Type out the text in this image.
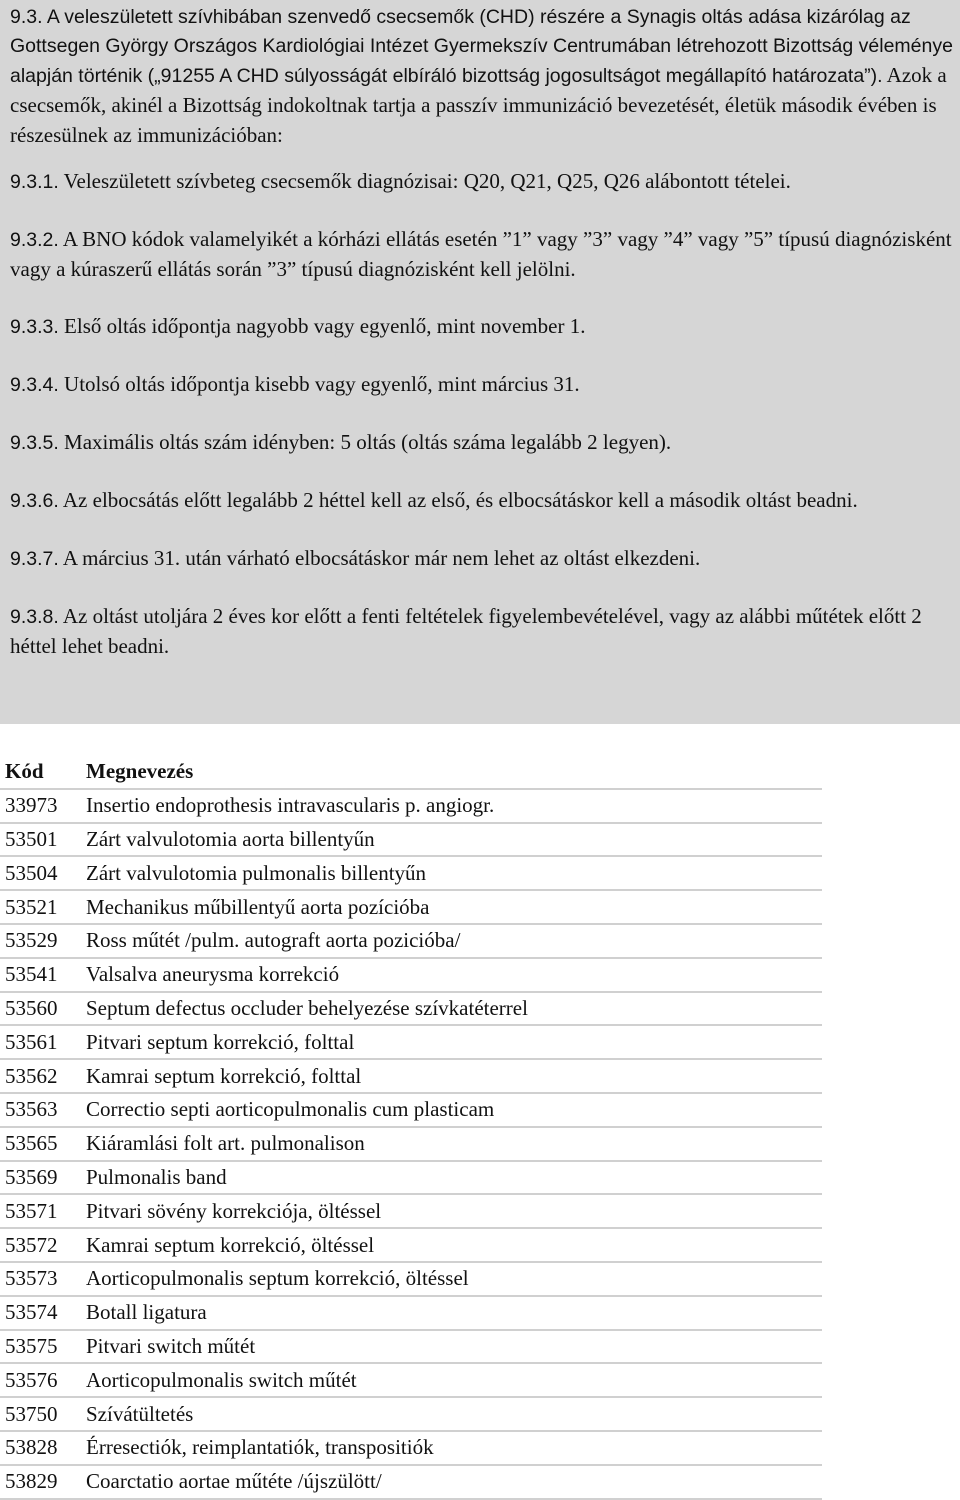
9.3. A veleszületett szívhibában szenvedő csecsemők (CHD) részére a Synagis oltás adása kizárólag az Gottsegen György Országos Kardiológiai Intézet Gyermekszív Centrumában létrehozott Bizottság véleménye alapján történik („91255 A CHD súlyosságát elbíráló bizottság jogosultságot megállapító határozata”). Azok a csecsemők, akinél a Bizottság indokoltnak tartja a passzív immunizáció bevezetését, életük második évében is részesülnek az immunizációban:

9.3.1. Veleszületett szívbeteg csecsemők diagnózisai: Q20, Q21, Q25, Q26 alábontott tételei.

9.3.2. A BNO kódok valamelyikét a kórházi ellátás esetén ”1” vagy ”3” vagy ”4” vagy ”5” típusú diagnózisként vagy a kúraszerű ellátás során ”3” típusú diagnózisként kell jelölni.

9.3.3. Első oltás időpontja nagyobb vagy egyenlő, mint november 1.

9.3.4. Utolsó oltás időpontja kisebb vagy egyenlő, mint március 31.

9.3.5. Maximális oltás szám idényben: 5 oltás (oltás száma legalább 2 legyen).

9.3.6. Az elbocsátás előtt legalább 2 héttel kell az első, és elbocsátáskor kell a második oltást beadni.

9.3.7. A március 31. után várható elbocsátáskor már nem lehet az oltást elkezdeni.

9.3.8. Az oltást utoljára 2 éves kor előtt a fenti feltételek figyelembevételével, vagy az alábbi műtétek előtt 2 héttel lehet beadni.

Kód	Megnevezés
33973	Insertio endoprothesis intravascularis p. angiogr.
53501	Zárt valvulotomia aorta billentyűn
53504	Zárt valvulotomia pulmonalis billentyűn
53521	Mechanikus műbillentyű aorta pozícióba
53529	Ross műtét /pulm. autograft aorta pozicióba/
53541	Valsalva aneurysma korrekció
53560	Septum defectus occluder behelyezése szívkatéterrel
53561	Pitvari septum korrekció, folttal
53562	Kamrai septum korrekció, folttal
53563	Correctio septi aorticopulmonalis cum plasticam
53565	Kiáramlási folt art. pulmonalison
53569	Pulmonalis band
53571	Pitvari sövény korrekciója, öltéssel
53572	Kamrai septum korrekció, öltéssel
53573	Aorticopulmonalis septum korrekció, öltéssel
53574	Botall ligatura
53575	Pitvari switch műtét
53576	Aorticopulmonalis switch műtét
53750	Szívátültetés
53828	Érresectiók, reimplantatiók, transpositiók
53829	Coarctatio aortae műtéte /újszülött/
